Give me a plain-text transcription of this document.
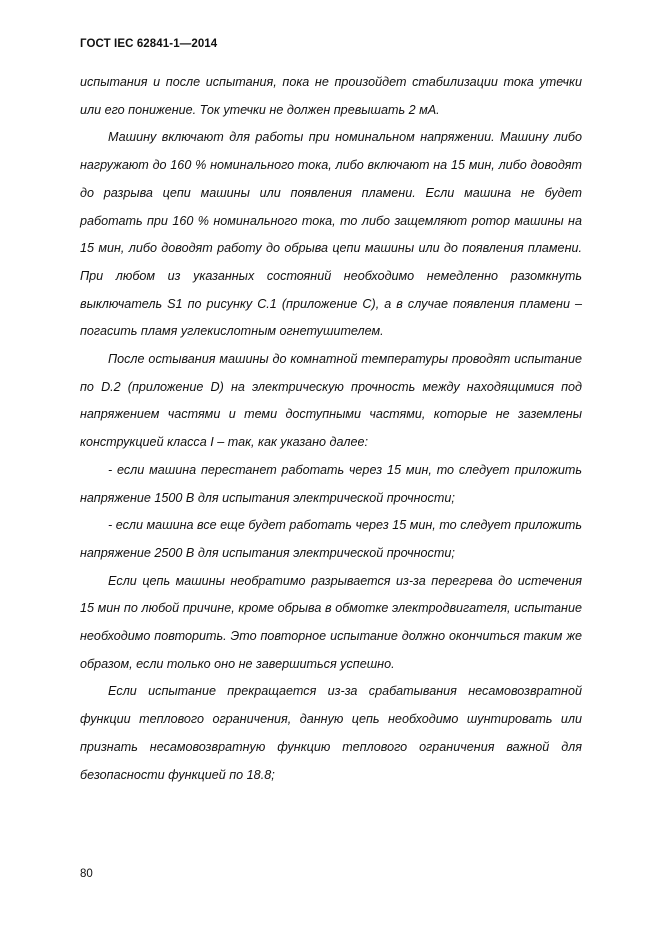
ГОСТ IEC 62841-1—2014

испытания и после испытания, пока не произойдет стабилизации тока утечки или его понижение. Ток утечки не должен превышать 2 мА.

Машину включают для работы при номинальном напряжении. Машину либо нагружают до 160 % номинального тока, либо включают на 15 мин, либо доводят до разрыва цепи машины или появления пламени. Если машина не будет работать при 160 % номинального тока, то либо защемляют ротор машины на 15 мин, либо доводят работу до обрыва цепи машины или до появления пламени. При любом из указанных состояний необходимо немедленно разомкнуть выключатель S1 по рисунку С.1 (приложение С), а в случае появления пламени – погасить пламя углекислотным огнетушителем.

После остывания машины до комнатной температуры проводят испытание по D.2 (приложение D) на электрическую прочность между находящимися под напряжением частями и теми доступными частями, которые не заземлены конструкцией класса I – так, как указано далее:

- если машина перестанет работать через 15 мин, то следует приложить напряжение 1500 В для испытания электрической прочности;

- если машина все еще будет работать через 15 мин, то следует приложить напряжение 2500 В для испытания электрической прочности;

Если цепь машины необратимо разрывается из-за перегрева до истечения 15 мин по любой причине, кроме обрыва в обмотке электродвигателя, испытание необходимо повторить. Это повторное испытание должно окончиться таким же образом, если только оно не завершиться успешно.

Если испытание прекращается из-за срабатывания несамовозвратной функции теплового ограничения, данную цепь необходимо шунтировать или признать несамовозвратную функцию теплового ограничения важной для безопасности функцией по 18.8;

80
